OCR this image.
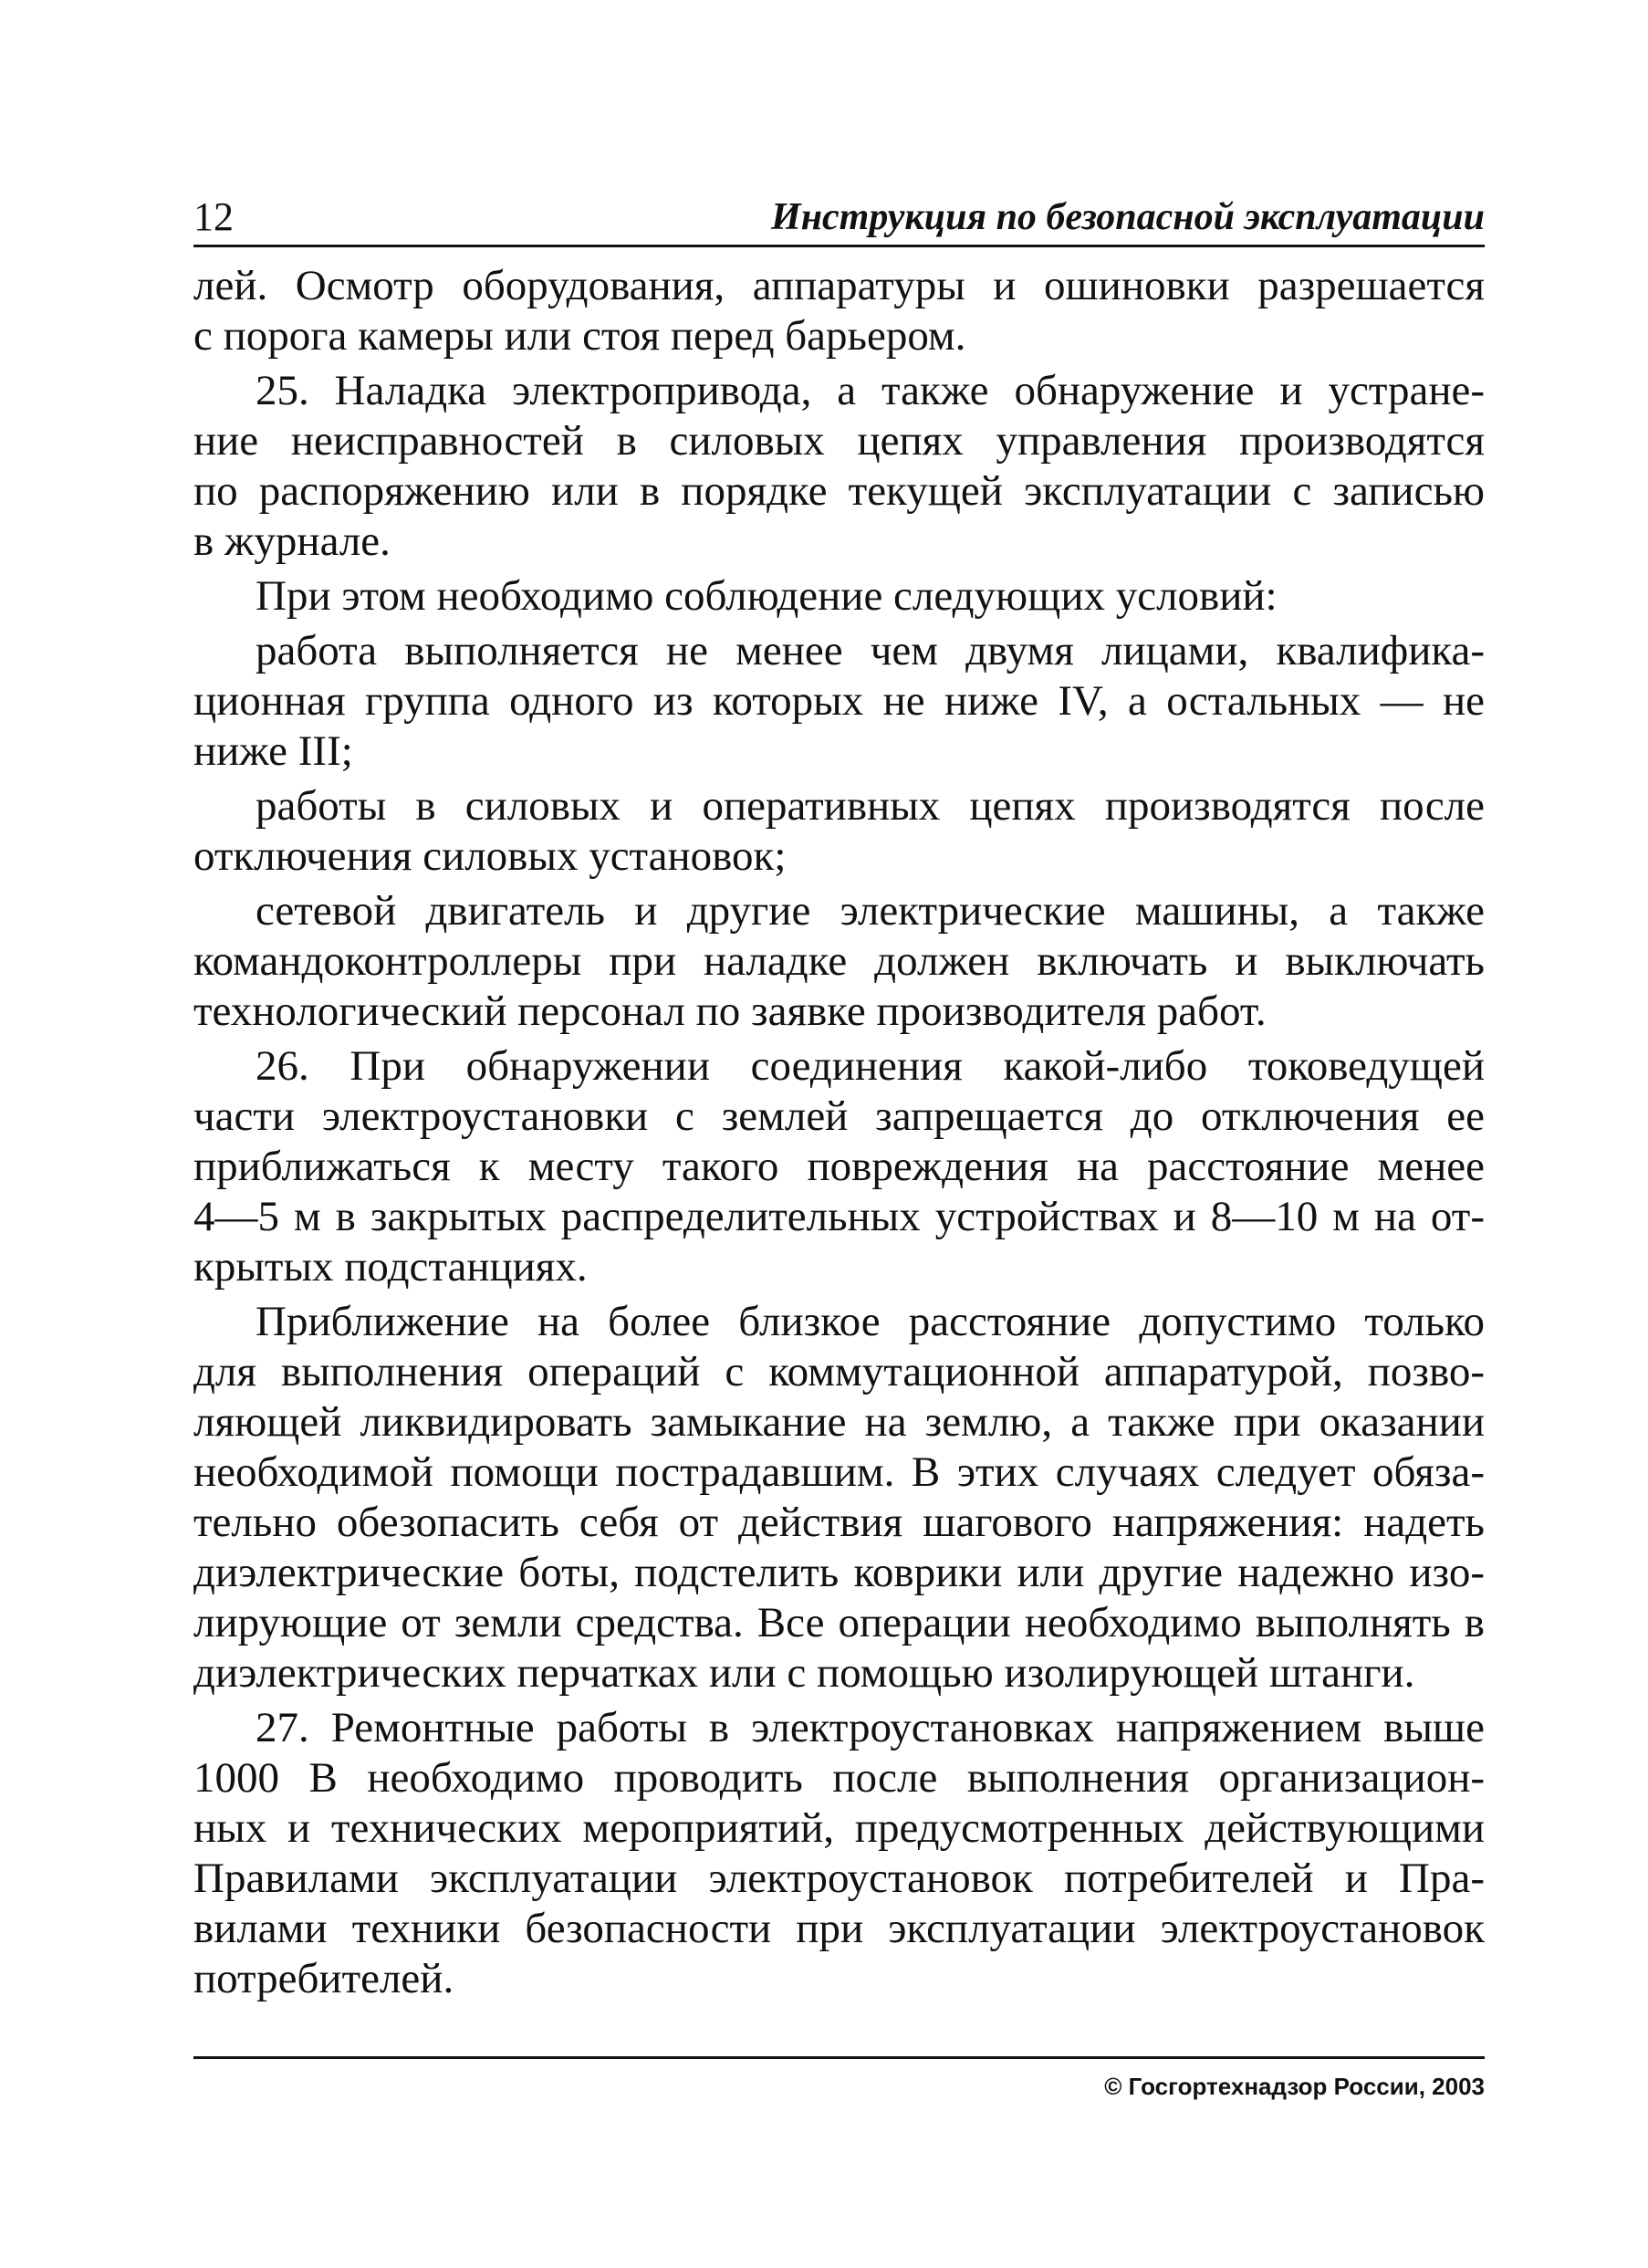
12	Инструкция по безопасной эксплуатации
лей. Осмотр оборудования, аппаратуры и ошиновки разрешается
с порога камеры или стоя перед барьером.
25. Наладка электропривода, а также обнаружение и устране-
ние неисправностей в силовых цепях управления производятся
по распоряжению или в порядке текущей эксплуатации с записью
в журнале.
При этом необходимо соблюдение следующих условий:
работа выполняется не менее чем двумя лицами, квалифика-
ционная группа одного из которых не ниже IV, а остальных — не
ниже III;
работы в силовых и оперативных цепях производятся после
отключения силовых установок;
сетевой двигатель и другие электрические машины, а также
командоконтроллеры при наладке должен включать и выключать
технологический персонал по заявке производителя работ.
26. При обнаружении соединения какой-либо токоведущей
части электроустановки с землей запрещается до отключения ее
приближаться к месту такого повреждения на расстояние менее
4—5 м в закрытых распределительных устройствах и 8—10 м на от-
крытых подстанциях.
Приближение на более близкое расстояние допустимо только
для выполнения операций с коммутационной аппаратурой, позво-
ляющей ликвидировать замыкание на землю, а также при оказании
необходимой помощи пострадавшим. В этих случаях следует обяза-
тельно обезопасить себя от действия шагового напряжения: надеть
диэлектрические боты, подстелить коврики или другие надежно изо-
лирующие от земли средства. Все операции необходимо выполнять в
диэлектрических перчатках или с помощью изолирующей штанги.
27. Ремонтные работы в электроустановках напряжением выше
1000 В необходимо проводить после выполнения организацион-
ных и технических мероприятий, предусмотренных действующими
Правилами эксплуатации электроустановок потребителей и Пра-
вилами техники безопасности при эксплуатации электроустановок
потребителей.
© Госгортехнадзор России, 2003
